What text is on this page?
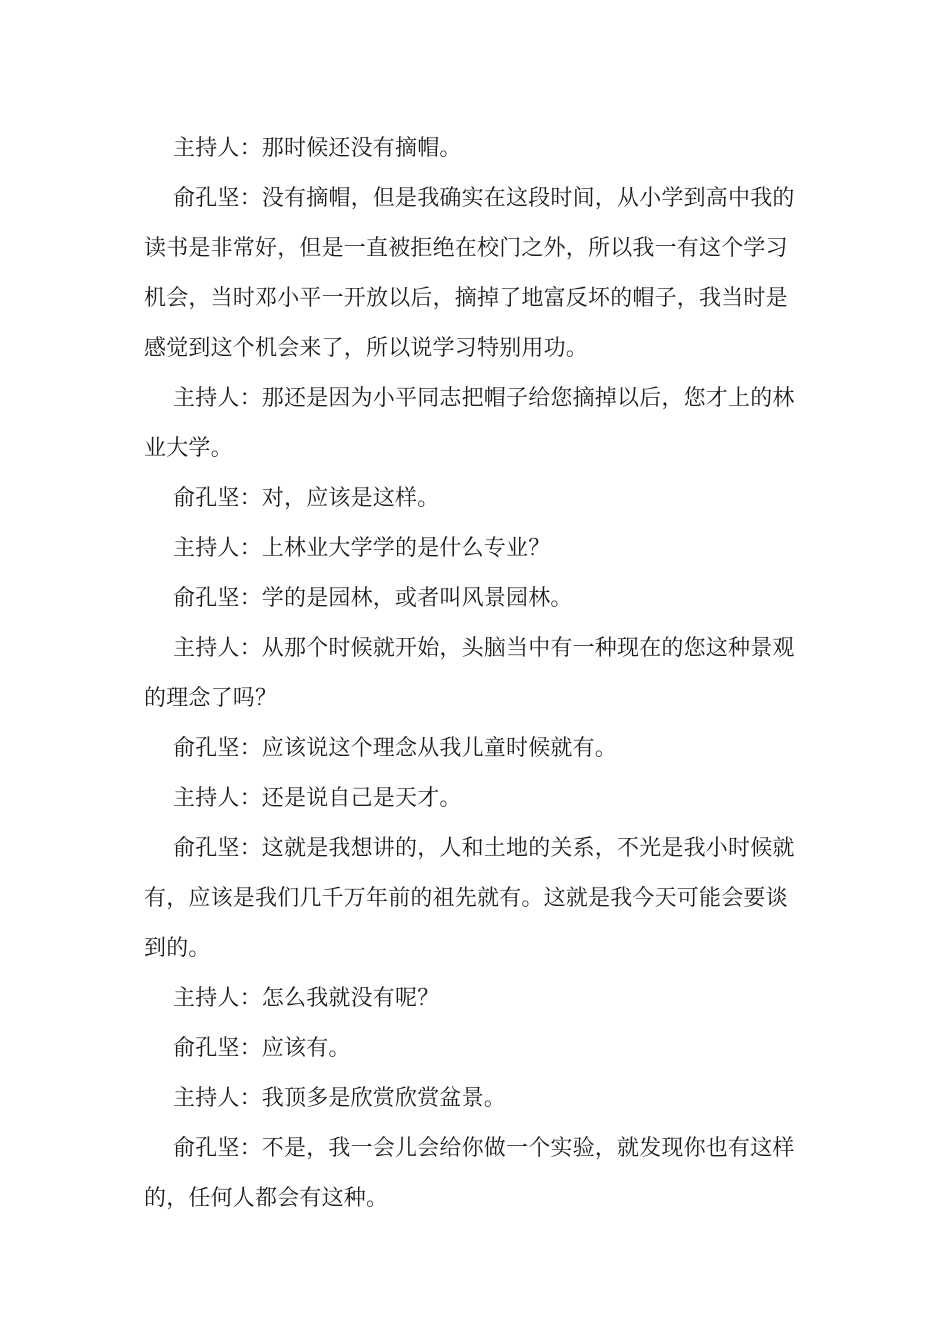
主持人：那时候还没有摘帽。

俞孔坚：没有摘帽，但是我确实在这段时间，从小学到高中我的读书是非常好，但是一直被拒绝在校门之外，所以我一有这个学习机会，当时邓小平一开放以后，摘掉了地富反坏的帽子，我当时是感觉到这个机会来了，所以说学习特别用功。

主持人：那还是因为小平同志把帽子给您摘掉以后，您才上的林业大学。

俞孔坚：对，应该是这样。

主持人：上林业大学学的是什么专业？

俞孔坚：学的是园林，或者叫风景园林。

主持人：从那个时候就开始，头脑当中有一种现在的您这种景观的理念了吗？

俞孔坚：应该说这个理念从我儿童时候就有。

主持人：还是说自己是天才。

俞孔坚：这就是我想讲的，人和土地的关系，不光是我小时候就有，应该是我们几千万年前的祖先就有。这就是我今天可能会要谈到的。

主持人：怎么我就没有呢？

俞孔坚：应该有。

主持人：我顶多是欣赏欣赏盆景。

俞孔坚：不是，我一会儿会给你做一个实验，就发现你也有这样的，任何人都会有这种。
